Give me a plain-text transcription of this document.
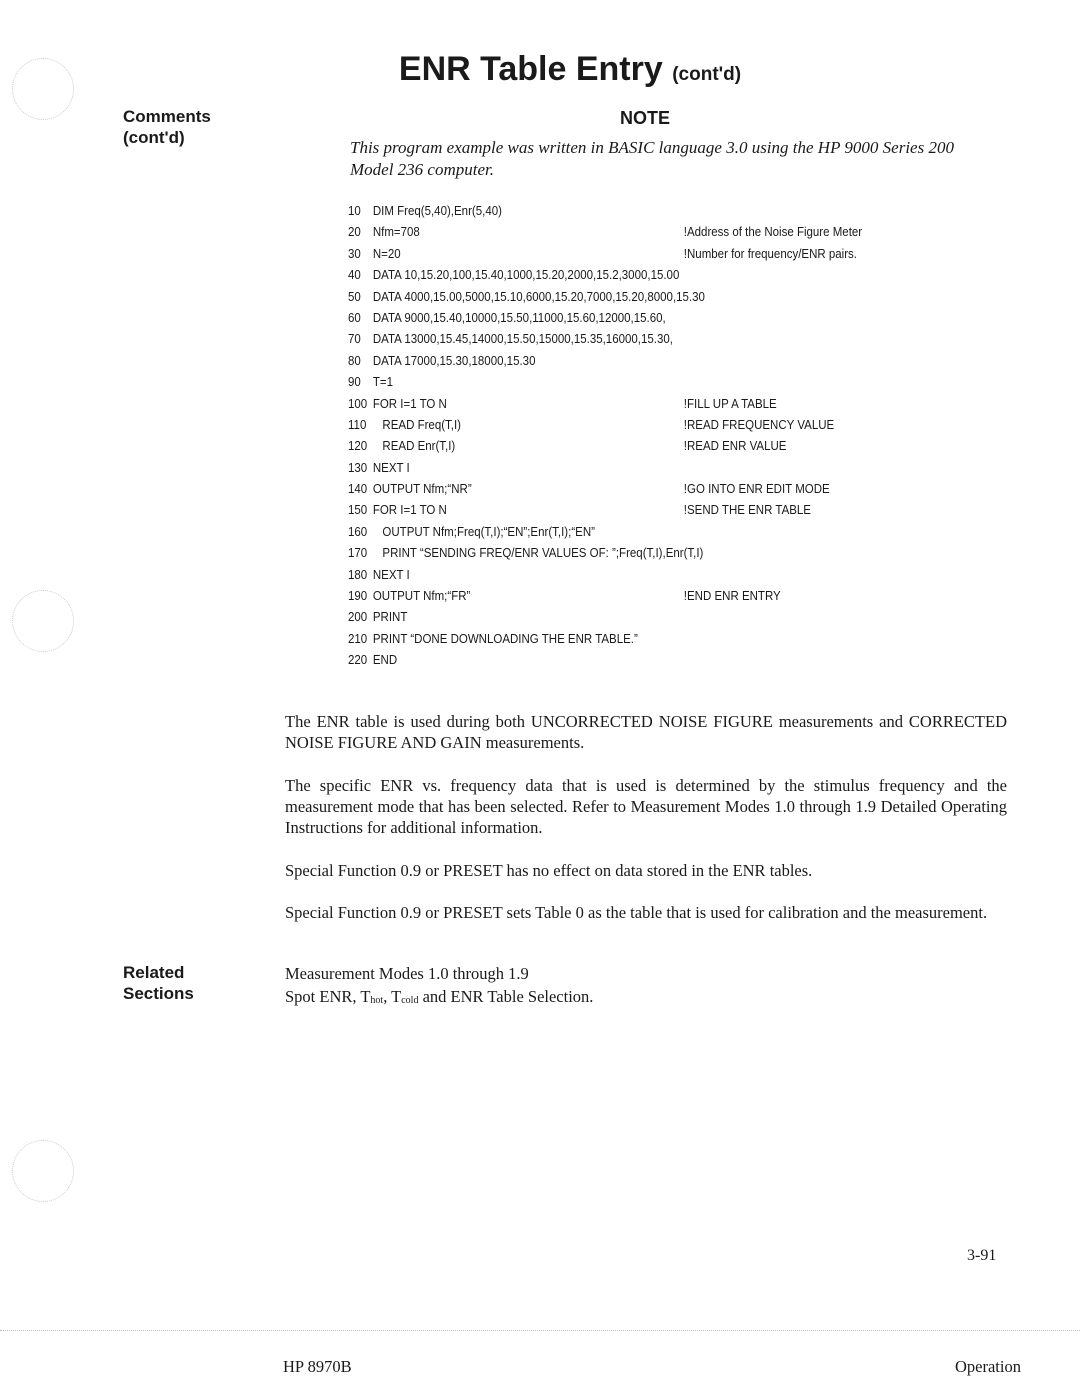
ENR Table Entry (cont'd)
Comments
(cont'd)
NOTE
This program example was written in BASIC language 3.0 using the HP 9000 Series 200 Model 236 computer.
10 DIM Freq(5,40),Enr(5,40)
20 Nfm=708	!Address of the Noise Figure Meter
30 N=20	!Number for frequency/ENR pairs.
40 DATA 10,15.20,100,15.40,1000,15.20,2000,15.2,3000,15.00
50 DATA 4000,15.00,5000,15.10,6000,15.20,7000,15.20,8000,15.30
60 DATA 9000,15.40,10000,15.50,11000,15.60,12000,15.60,
70 DATA 13000,15.45,14000,15.50,15000,15.35,16000,15.30,
80 DATA 17000,15.30,18000,15.30
90 T=1
100 FOR I=1 TO N	!FILL UP A TABLE
110   READ Freq(T,I)	!READ FREQUENCY VALUE
120   READ Enr(T,I)	!READ ENR VALUE
130 NEXT I
140 OUTPUT Nfm;“NR”	!GO INTO ENR EDIT MODE
150 FOR I=1 TO N	!SEND THE ENR TABLE
160   OUTPUT Nfm;Freq(T,I);“EN”;Enr(T,I);“EN”
170   PRINT “SENDING FREQ/ENR VALUES OF: ”;Freq(T,I),Enr(T,I)
180 NEXT I
190 OUTPUT Nfm;“FR”	!END ENR ENTRY
200 PRINT
210 PRINT “DONE DOWNLOADING THE ENR TABLE.”
220 END
The ENR table is used during both UNCORRECTED NOISE FIGURE measurements and CORRECTED NOISE FIGURE AND GAIN measurements.
The specific ENR vs. frequency data that is used is determined by the stimulus frequency and the measurement mode that has been selected. Refer to Measurement Modes 1.0 through 1.9 Detailed Operating Instructions for additional information.
Special Function 0.9 or PRESET has no effect on data stored in the ENR tables.
Special Function 0.9 or PRESET sets Table 0 as the table that is used for calibration and the measurement.
Related
Sections
Measurement Modes 1.0 through 1.9
Spot ENR, $T_{hot}$, $T_{cold}$ and ENR Table Selection.
3-91
HP 8970B	Operation
